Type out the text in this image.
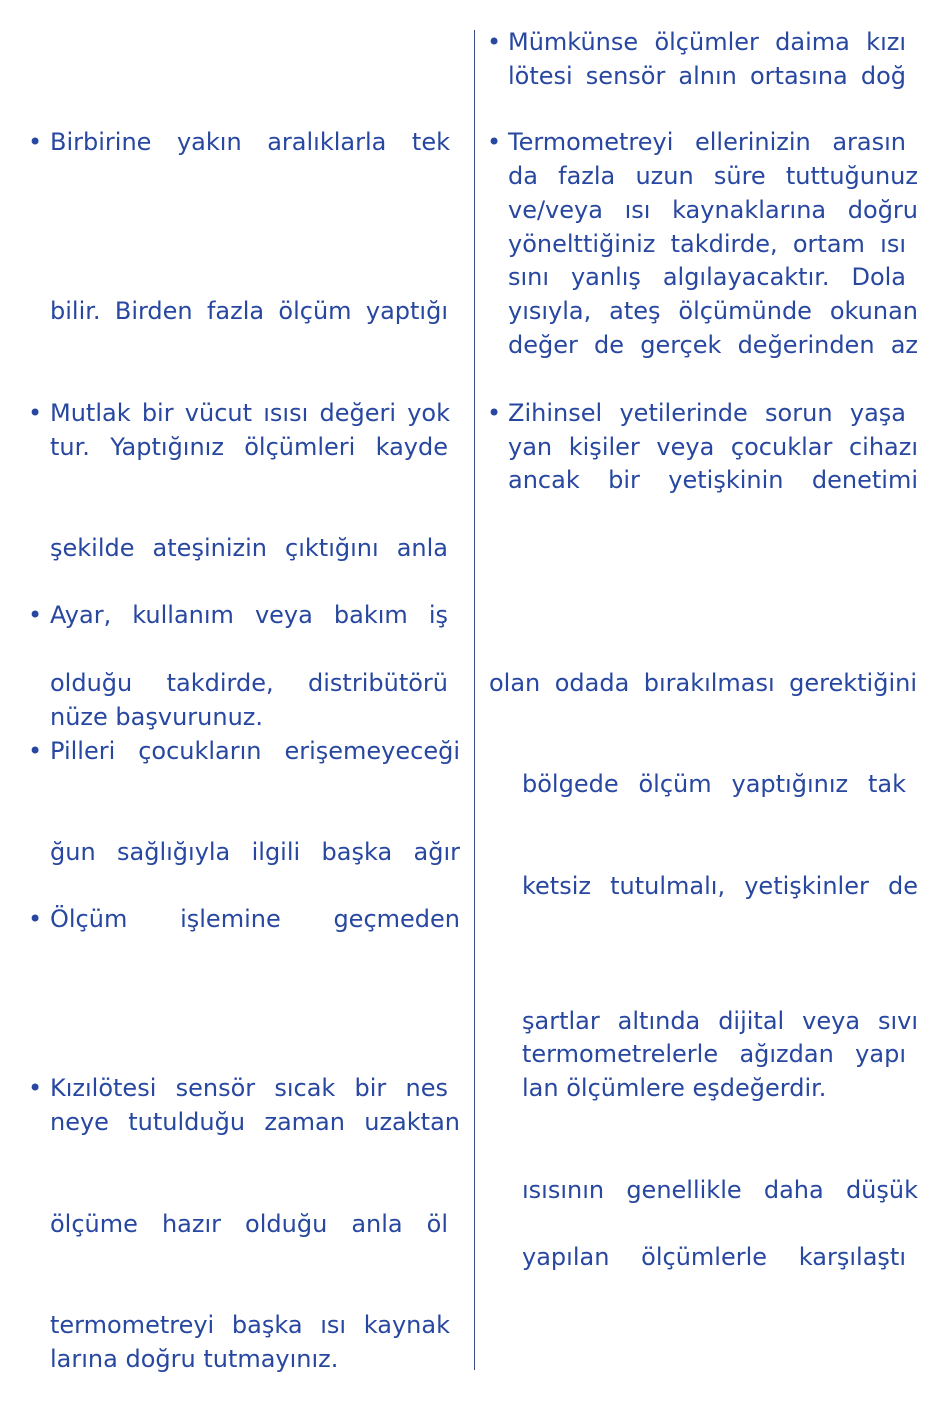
• Birbirine yakın aralıklarla tek
bilir. Birden fazla ölçüm yaptığı
• Mutlak bir vücut ısısı değeri yok
tur. Yaptığınız ölçümleri kayde
şekilde ateşinizin çıktığını anla
• Ayar, kullanım veya bakım iş
olduğu takdirde, distribütörü
nüze başvurunuz.
• Pilleri çocukların erişemeyeceği
ğun sağlığıyla ilgili başka ağır
• Ölçüm işlemine geçmeden
• Kızılötesi sensör sıcak bir nes
neye tutulduğu zaman uzaktan
ölçüme hazır olduğu anla öl
termometreyi başka ısı kaynak
larına doğru tutmayınız.
• Mümkünse ölçümler daima kızı
lötesi sensör alnın ortasına doğ
• Termometreyi ellerinizin arasın
da fazla uzun süre tuttuğunuz
ve/veya ısı kaynaklarına doğru
yönelttiğiniz takdirde, ortam ısı
sını yanlış algılayacaktır. Dola
yısıyla, ateş ölçümünde okunan
değer de gerçek değerinden az
• Zihinsel yetilerinde sorun yaşa
yan kişiler veya çocuklar cihazı
ancak bir yetişkinin denetimi
olan odada bırakılması gerektiğini
bölgede ölçüm yaptığınız tak
ketsiz tutulmalı, yetişkinler de
şartlar altında dijital veya sıvı
termometrelerle ağızdan yapı
lan ölçümlere eşdeğerdir.
ısısının genellikle daha düşük
yapılan ölçümlerle karşılaştı
